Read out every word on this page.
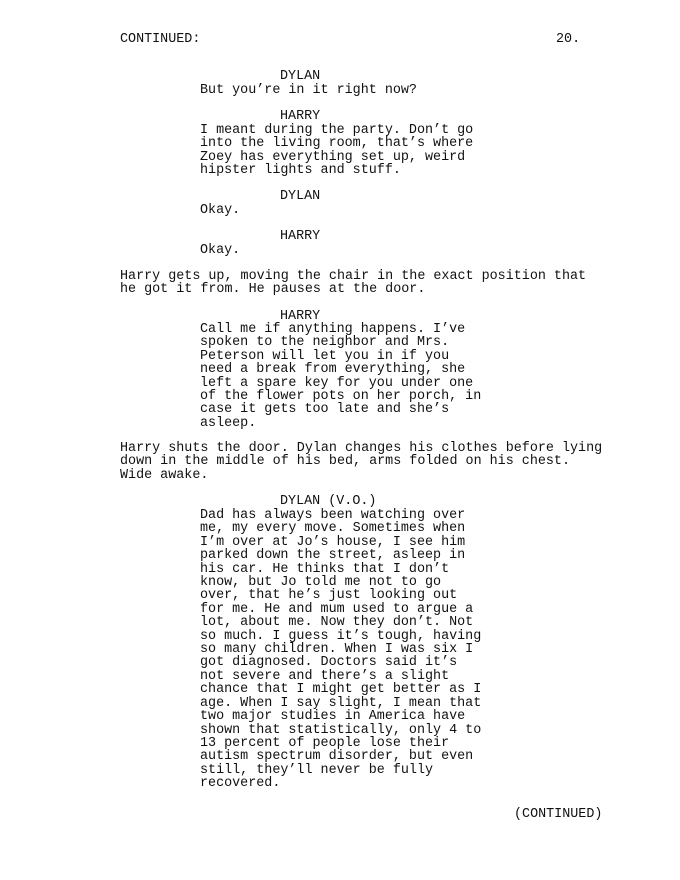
CONTINUED:	20.
DYLAN
But you’re in it right now?
HARRY
I meant during the party. Don’t go
into the living room, that’s where
Zoey has everything set up, weird
hipster lights and stuff.
DYLAN
Okay.
HARRY
Okay.
Harry gets up, moving the chair in the exact position that
he got it from. He pauses at the door.
HARRY
Call me if anything happens. I’ve
spoken to the neighbor and Mrs.
Peterson will let you in if you
need a break from everything, she
left a spare key for you under one
of the flower pots on her porch, in
case it gets too late and she’s
asleep.
Harry shuts the door. Dylan changes his clothes before lying
down in the middle of his bed, arms folded on his chest.
Wide awake.
DYLAN (V.O.)
Dad has always been watching over
me, my every move. Sometimes when
I’m over at Jo’s house, I see him
parked down the street, asleep in
his car. He thinks that I don’t
know, but Jo told me not to go
over, that he’s just looking out
for me. He and mum used to argue a
lot, about me. Now they don’t. Not
so much. I guess it’s tough, having
so many children. When I was six I
got diagnosed. Doctors said it’s
not severe and there’s a slight
chance that I might get better as I
age. When I say slight, I mean that
two major studies in America have
shown that statistically, only 4 to
13 percent of people lose their
autism spectrum disorder, but even
still, they’ll never be fully
recovered.
(CONTINUED)
